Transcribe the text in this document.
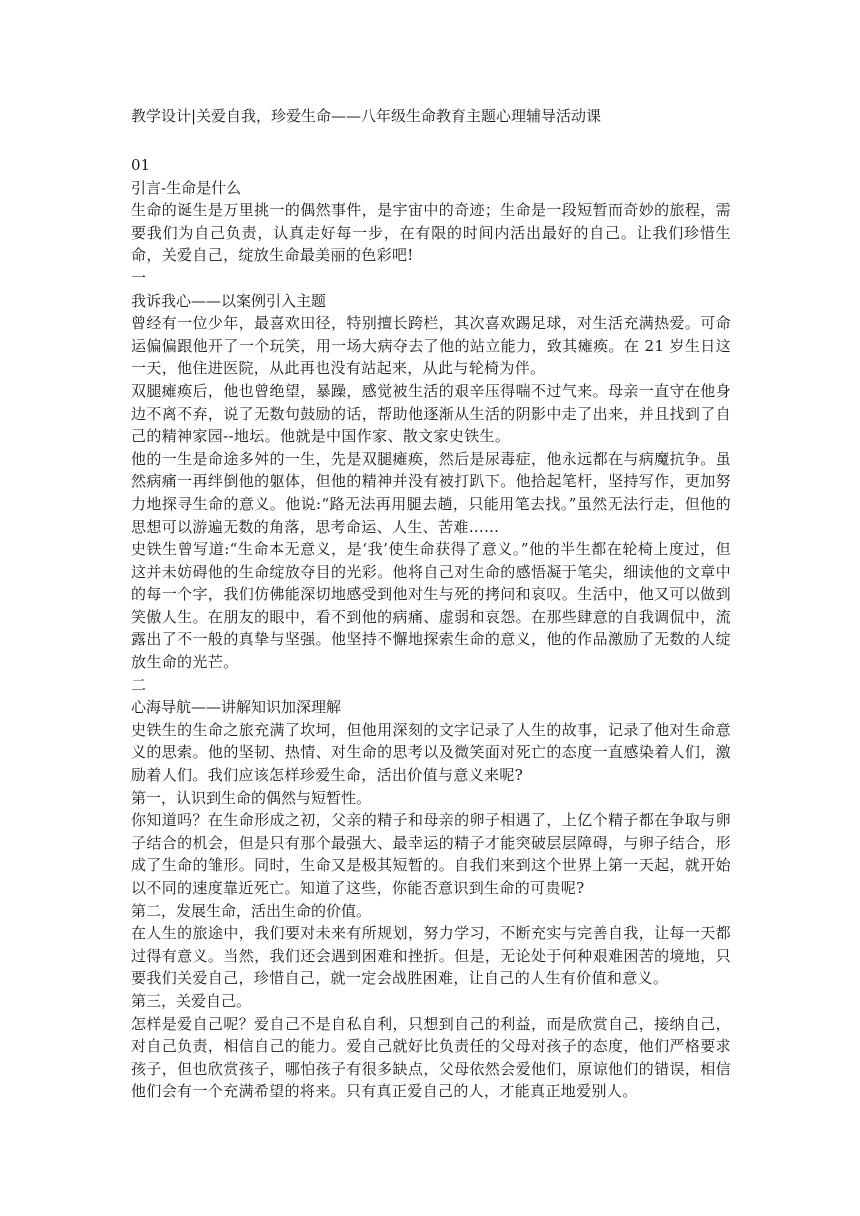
教学设计|关爱自我，珍爱生命——八年级生命教育主题心理辅导活动课

01

引言-生命是什么

生命的诞生是万里挑一的偶然事件，是宇宙中的奇迹；生命是一段短暂而奇妙的旅程，需要我们为自己负责，认真走好每一步，在有限的时间内活出最好的自己。让我们珍惜生命，关爱自己，绽放生命最美丽的色彩吧!

一

我诉我心——以案例引入主题

曾经有一位少年，最喜欢田径，特别擅长跨栏，其次喜欢踢足球，对生活充满热爱。可命运偏偏跟他开了一个玩笑，用一场大病夺去了他的站立能力，致其瘫痪。在 21 岁生日这一天，他住进医院，从此再也没有站起来，从此与轮椅为伴。

双腿瘫痪后，他也曾绝望，暴躁，感觉被生活的艰辛压得喘不过气来。母亲一直守在他身边不离不弃，说了无数句鼓励的话，帮助他逐渐从生活的阴影中走了出来，并且找到了自己的精神家园--地坛。他就是中国作家、散文家史铁生。

他的一生是命途多舛的一生，先是双腿瘫痪，然后是尿毒症，他永远都在与病魔抗争。虽然病痛一再绊倒他的躯体，但他的精神并没有被打趴下。他拾起笔杆，坚持写作，更加努力地探寻生命的意义。他说:“路无法再用腿去趟，只能用笔去找。”虽然无法行走，但他的思想可以游遍无数的角落，思考命运、人生、苦难……

史铁生曾写道:“生命本无意义，是‘我’使生命获得了意义。”他的半生都在轮椅上度过，但这并未妨碍他的生命绽放夺目的光彩。他将自己对生命的感悟凝于笔尖，细读他的文章中的每一个字，我们仿佛能深切地感受到他对生与死的拷问和哀叹。生活中，他又可以做到笑傲人生。在朋友的眼中，看不到他的病痛、虚弱和哀怨。在那些肆意的自我调侃中，流露出了不一般的真挚与坚强。他坚持不懈地探索生命的意义，他的作品激励了无数的人绽放生命的光芒。

二

心海导航——讲解知识加深理解

史铁生的生命之旅充满了坎坷，但他用深刻的文字记录了人生的故事，记录了他对生命意义的思索。他的坚韧、热情、对生命的思考以及微笑面对死亡的态度一直感染着人们，激励着人们。我们应该怎样珍爱生命，活出价值与意义来呢?

第一，认识到生命的偶然与短暂性。

你知道吗？在生命形成之初，父亲的精子和母亲的卵子相遇了，上亿个精子都在争取与卵子结合的机会，但是只有那个最强大、最幸运的精子才能突破层层障碍，与卵子结合，形成了生命的雏形。同时，生命又是极其短暂的。自我们来到这个世界上第一天起，就开始以不同的速度靠近死亡。知道了这些，你能否意识到生命的可贵呢?

第二，发展生命，活出生命的价值。

在人生的旅途中，我们要对未来有所规划，努力学习，不断充实与完善自我，让每一天都过得有意义。当然，我们还会遇到困难和挫折。但是，无论处于何种艰难困苦的境地，只要我们关爱自己，珍惜自己，就一定会战胜困难，让自己的人生有价值和意义。

第三，关爱自己。

怎样是爱自己呢？爱自己不是自私自利，只想到自己的利益，而是欣赏自己，接纳自己，对自己负责，相信自己的能力。爱自己就好比负责任的父母对孩子的态度，他们严格要求孩子，但也欣赏孩子，哪怕孩子有很多缺点，父母依然会爱他们，原谅他们的错误，相信他们会有一个充满希望的将来。只有真正爱自己的人，才能真正地爱别人。
